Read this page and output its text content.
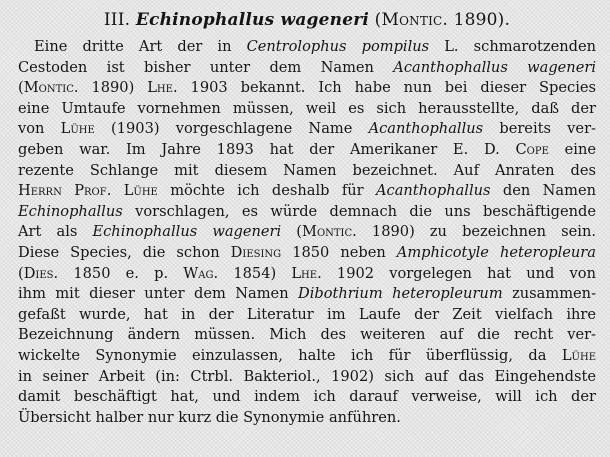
III. Echinophallus wageneri (Montic. 1890).
Eine dritte Art der in Centrolophus pompilus L. schmarotzenden
Cestoden ist bisher unter dem Namen Acanthophallus wageneri
(Montic. 1890) Lhe. 1903 bekannt. Ich habe nun bei dieser Species
eine Umtaufe vornehmen müssen, weil es sich herausstellte, daß der
von Lühe (1903) vorgeschlagene Name Acanthophallus bereits ver-
geben war. Im Jahre 1893 hat der Amerikaner E. D. Cope eine
rezente Schlange mit diesem Namen bezeichnet. Auf Anraten des
Herrn Prof. Lühe möchte ich deshalb für Acanthophallus den Namen
Echinophallus vorschlagen, es würde demnach die uns beschäftigende
Art als Echinophallus wageneri (Montic. 1890) zu bezeichnen sein.
Diese Species, die schon Diesing 1850 neben Amphicotyle heteropleura
(Dies. 1850 e. p. Wag. 1854) Lhe. 1902 vorgelegen hat und von
ihm mit dieser unter dem Namen Dibothrium heteropleurum zusammen-
gefaßt wurde, hat in der Literatur im Laufe der Zeit vielfach ihre
Bezeichnung ändern müssen. Mich des weiteren auf die recht ver-
wickelte Synonymie einzulassen, halte ich für überflüssig, da Lühe
in seiner Arbeit (in: Ctrbl. Bakteriol., 1902) sich auf das Eingehendste
damit beschäftigt hat, und indem ich darauf verweise, will ich der
Übersicht halber nur kurz die Synonymie anführen.
